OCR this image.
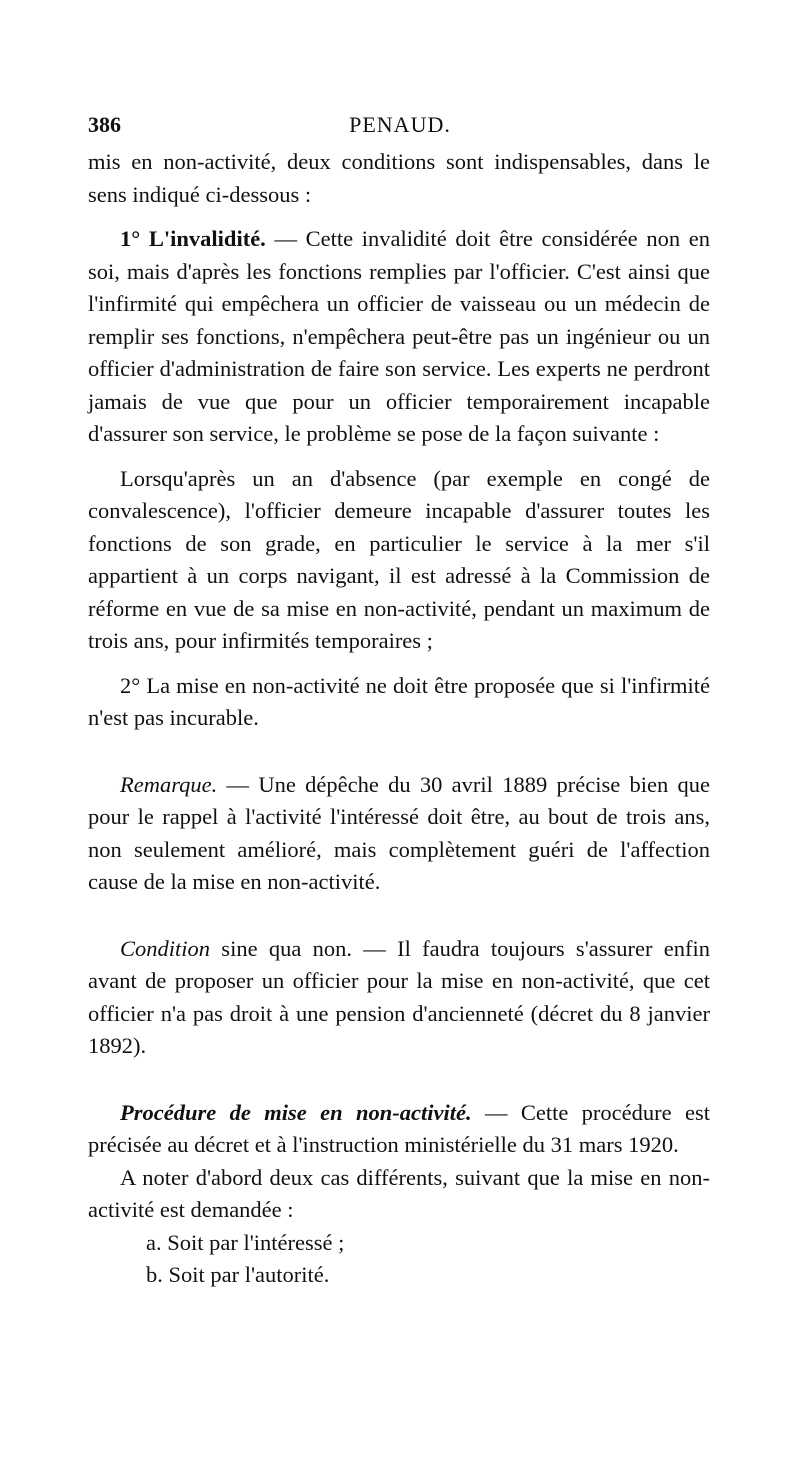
386	PENAUD.

mis en non-activité, deux conditions sont indispensables, dans le sens indiqué ci-dessous :

1° L'invalidité. — Cette invalidité doit être considérée non en soi, mais d'après les fonctions remplies par l'officier. C'est ainsi que l'infirmité qui empêchera un officier de vaisseau ou un médecin de remplir ses fonctions, n'empêchera peut-être pas un ingénieur ou un officier d'administration de faire son service. Les experts ne perdront jamais de vue que pour un officier temporairement incapable d'assurer son service, le problème se pose de la façon suivante :

Lorsqu'après un an d'absence (par exemple en congé de convalescence), l'officier demeure incapable d'assurer toutes les fonctions de son grade, en particulier le service à la mer s'il appartient à un corps navigant, il est adressé à la Commission de réforme en vue de sa mise en non-activité, pendant un maximum de trois ans, pour infirmités temporaires ;

2° La mise en non-activité ne doit être proposée que si l'infirmité n'est pas incurable.

Remarque. — Une dépêche du 30 avril 1889 précise bien que pour le rappel à l'activité l'intéressé doit être, au bout de trois ans, non seulement amélioré, mais complètement guéri de l'affection cause de la mise en non-activité.

Condition sine qua non. — Il faudra toujours s'assurer enfin avant de proposer un officier pour la mise en non-activité, que cet officier n'a pas droit à une pension d'ancienneté (décret du 8 janvier 1892).

Procédure de mise en non-activité. — Cette procédure est précisée au décret et à l'instruction ministérielle du 31 mars 1920.

A noter d'abord deux cas différents, suivant que la mise en non-activité est demandée :

a. Soit par l'intéressé ;

b. Soit par l'autorité.
